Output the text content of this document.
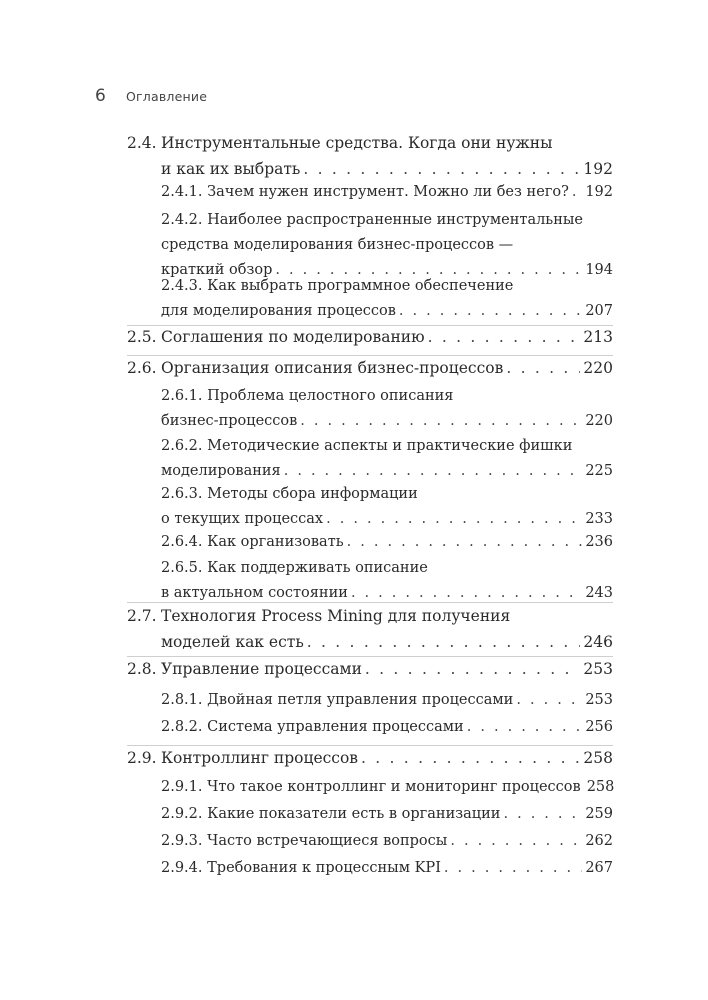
6 Оглавление
2.4. Инструментальные средства. Когда они нужны
и как их выбрать . . .	192
2.4.1. Зачем нужен инструмент. Можно ли без него? . . . 192
2.4.2. Наиболее распространенные инструментальные
средства моделирования бизнес-процессов —
краткий обзор . . .	194
2.4.3. Как выбрать программное обеспечение
для моделирования процессов . . .	207
2.5. Соглашения по моделированию . . .	213
2.6. Организация описания бизнес-процессов . . .	220
2.6.1. Проблема целостного описания
бизнес-процессов . . .	220
2.6.2. Методические аспекты и практические фишки
моделирования . . .	225
2.6.3. Методы сбора информации
о текущих процессах . . .	233
2.6.4. Как организовать . . .	236
2.6.5. Как поддерживать описание
в актуальном состоянии . . .	243
2.7. Технология Process Mining для получения
моделей как есть . . .	246
2.8. Управление процессами . . .	253
2.8.1. Двойная петля управления процессами . . .	253
2.8.2. Система управления процессами . . .	256
2.9. Контроллинг процессов . . .	258
2.9.1. Что такое контроллинг и мониторинг процессов 258
2.9.2. Какие показатели есть в организации . . .	259
2.9.3. Часто встречающиеся вопросы . . .	262
2.9.4. Требования к процессным KPI . . .	267
